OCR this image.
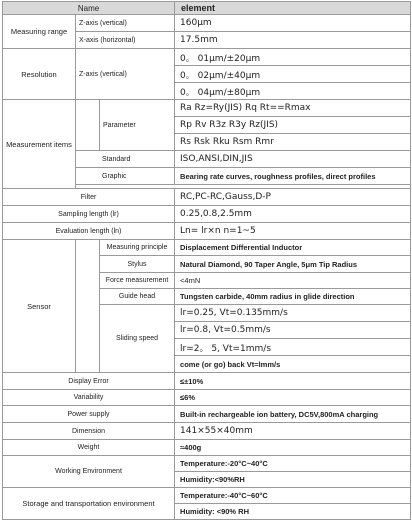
Name			element
Measuring range	Z-axis (vertical)		160μm
	X-axis (horizontal)		17.5mm
Resolution	Z-axis (vertical)		0。 01μm/±20μm
			0。 02μm/±40μm
			0。 04μm/±80μm
Measurement items		Parameter	Ra Rz=Ry(JIS) Rq Rt==Rmax
			Rp Rv R3z R3y Rz(JIS)
			Rs Rsk Rku Rsm Rmr
	Standard		ISO,ANSI,DIN,JIS
	Graphic		Bearing rate curves, roughness profiles, direct profiles

Filter			RC,PC-RC,Gauss,D-P
Sampling length (lr)			0.25,0.8,2.5mm
Evaluation length (ln)			Ln= lr×n n=1~5
Sensor		Measuring principle	Displacement Differential Inductor
		Stylus	Natural Diamond, 90 Taper Angle, 5μm Tip Radius
		Force measurement	<4mN
		Guide head	Tungsten carbide, 40mm radius in glide direction
		Sliding speed	lr=0.25, Vt=0.135mm/s
			lr=0.8, Vt=0.5mm/s
			lr=2。 5, Vt=1mm/s
			come (or go) back Vt=lmm/s
Display Error			≤±10%
Variability			≤6%
Power supply			Built-in rechargeable ion battery, DC5V,800mA charging
Dimension			141×55×40mm
Weight			≈400g
Working Environment			Temperature:-20°C~40°C
			Humidity:<90%RH
Storage and transportation environment			Temperature:-40°C~60°C
			Humidity: <90% RH
